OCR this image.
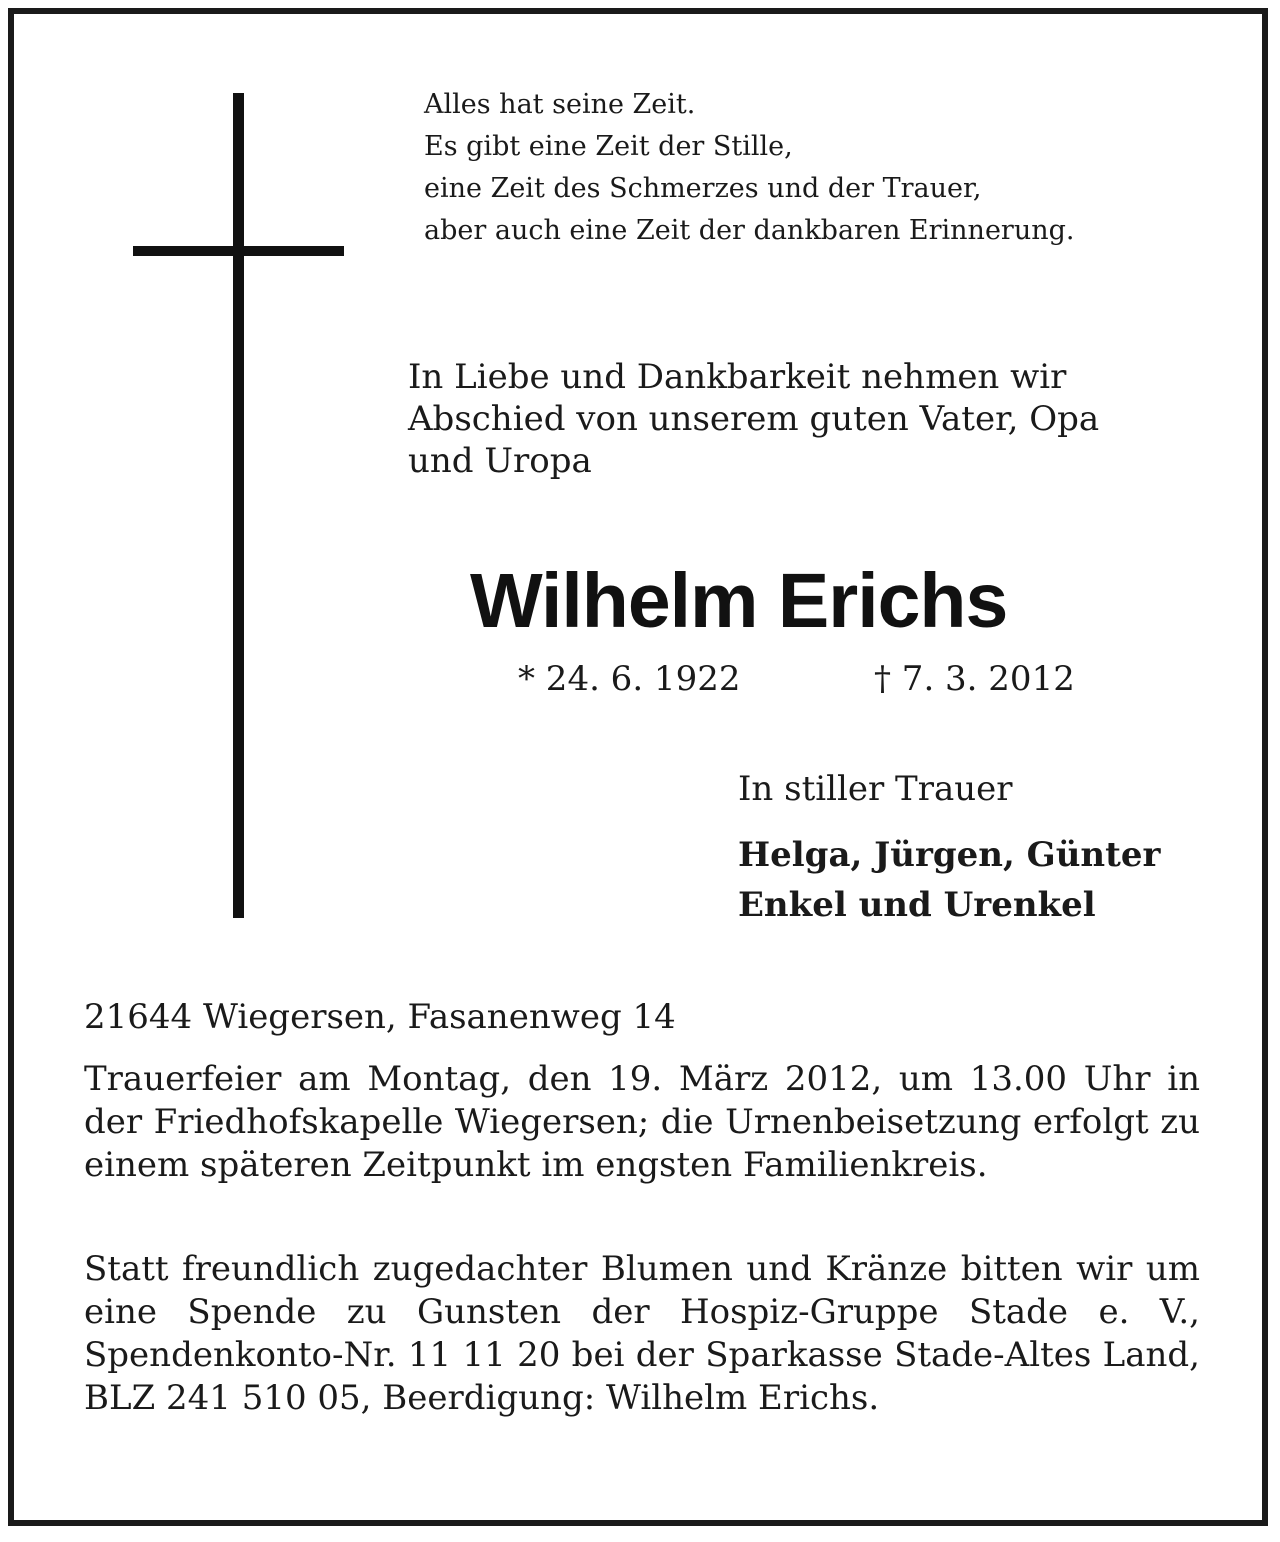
Alles hat seine Zeit.
Es gibt eine Zeit der Stille,
eine Zeit des Schmerzes und der Trauer,
aber auch eine Zeit der dankbaren Erinnerung.
In Liebe und Dankbarkeit nehmen wir
Abschied von unserem guten Vater, Opa
und Uropa
Wilhelm Erichs
* 24. 6. 1922	† 7. 3. 2012
In stiller Trauer
Helga, Jürgen, Günter
Enkel und Urenkel
21644 Wiegersen, Fasanenweg 14
Trauerfeier am Montag, den 19. März 2012, um 13.00 Uhr in der Friedhofskapelle Wiegersen; die Urnenbeisetzung erfolgt zu einem späteren Zeitpunkt im engsten Familienkreis.
Statt freundlich zugedachter Blumen und Kränze bitten wir um eine Spende zu Gunsten der Hospiz-Gruppe Stade e. V., Spendenkonto-Nr. 11 11 20 bei der Sparkasse Stade-Altes Land, BLZ 241 510 05, Beerdigung: Wilhelm Erichs.
